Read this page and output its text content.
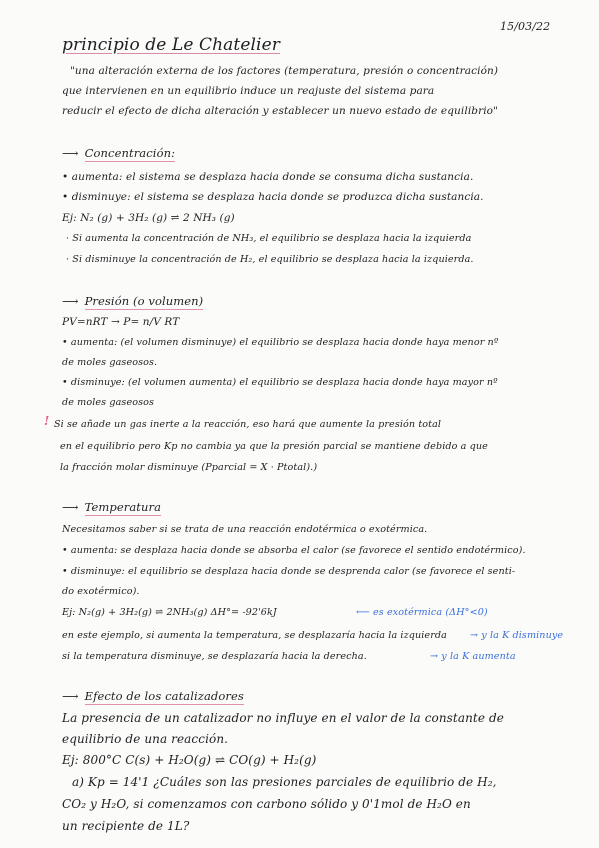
15/03/22
principio de Le Chatelier
"una alteración externa de los factores (temperatura, presión o concentración)
que intervienen en un equilibrio induce un reajuste del sistema para
reducir el efecto de dicha alteración y establecer un nuevo estado de equilibrio"
⟶ Concentración:
• aumenta: el sistema se desplaza hacia donde se consuma dicha sustancia.
• disminuye: el sistema se desplaza hacia donde se produzca dicha sustancia.
Ej: N₂ (g) + 3H₂ (g) ⇌ 2 NH₃ (g)
· Si aumenta la concentración de NH₃, el equilibrio se desplaza hacia la izquierda
· Si disminuye la concentración de H₂, el equilibrio se desplaza hacia la izquierda.
⟶ Presión (o volumen)
PV=nRT → P= n/V RT
• aumenta: (el volumen disminuye) el equilibrio se desplaza hacia donde haya menor nº
de moles gaseosos.
• disminuye: (el volumen aumenta) el equilibrio se desplaza hacia donde haya mayor nº
de moles gaseosos
! Si se añade un gas inerte a la reacción, eso hará que aumente la presión total
en el equilibrio pero Kp no cambia ya que la presión parcial se mantiene debido a que
la fracción molar disminuye (Pparcial = X · Ptotal).)
⟶ Temperatura
Necesitamos saber si se trata de una reacción endotérmica o exotérmica.
• aumenta: se desplaza hacia donde se absorba el calor (se favorece el sentido endotérmico).
• disminuye: el equilibrio se desplaza hacia donde se desprenda calor (se favorece el senti-
do exotérmico).
Ej: N₂(g) + 3H₂(g) ⇌ 2NH₃(g) ΔH°= -92'6kJ	⟵ es exotérmica (ΔH°<0)
en este ejemplo, si aumenta la temperatura, se desplazaría hacia la izquierda → y la K disminuye
si la temperatura disminuye, se desplazaría hacia la derecha.	→ y la K aumenta
⟶ Efecto de los catalizadores
La presencia de un catalizador no influye en el valor de la constante de
equilibrio de una reacción.
Ej: 800°C C(s) + H₂O(g) ⇌ CO(g) + H₂(g)
a) Kp = 14'1 ¿Cuáles son las presiones parciales de equilibrio de H₂,
CO₂ y H₂O, si comenzamos con carbono sólido y 0'1mol de H₂O en
un recipiente de 1L?
